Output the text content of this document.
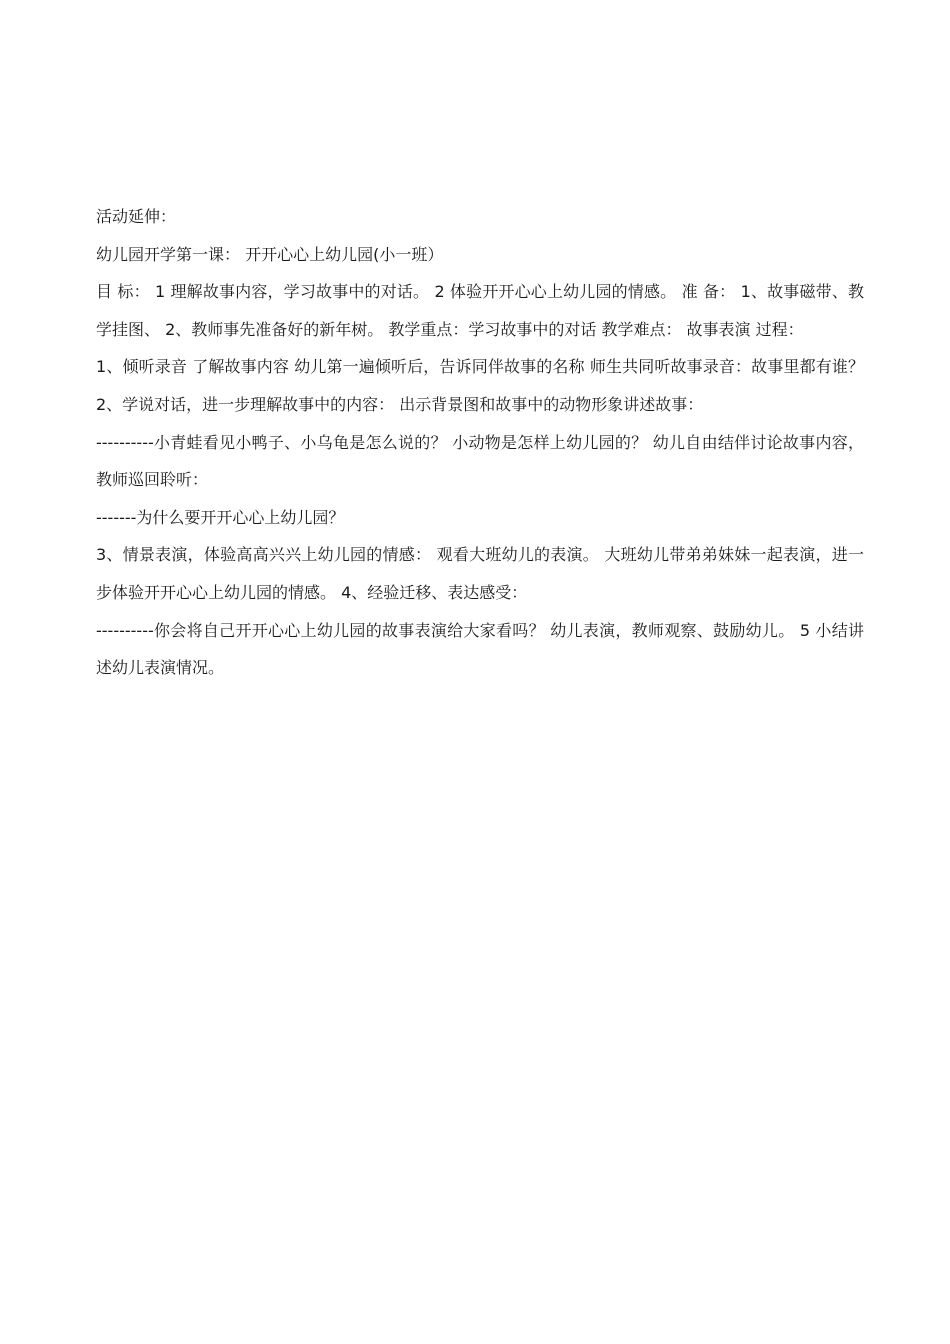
活动延伸：

幼儿园开学第一课： 开开心心上幼儿园(小一班）

目 标： 1 理解故事内容，学习故事中的对话。 2 体验开开心心上幼儿园的情感。 准 备： 1、故事磁带、教学挂图、 2、教师事先准备好的新年树。 教学重点：学习故事中的对话 教学难点： 故事表演 过程：

1、倾听录音 了解故事内容 幼儿第一遍倾听后，告诉同伴故事的名称 师生共同听故事录音：故事里都有谁？ 2、学说对话，进一步理解故事中的内容： 出示背景图和故事中的动物形象讲述故事：

----------小青蛙看见小鸭子、小乌龟是怎么说的？ 小动物是怎样上幼儿园的？ 幼儿自由结伴讨论故事内容，教师巡回聆听：

-------为什么要开开心心上幼儿园？

3、情景表演，体验高高兴兴上幼儿园的情感： 观看大班幼儿的表演。 大班幼儿带弟弟妹妹一起表演，进一步体验开开心心上幼儿园的情感。 4、经验迁移、表达感受：

----------你会将自己开开心心上幼儿园的故事表演给大家看吗？ 幼儿表演，教师观察、鼓励幼儿。 5 小结讲述幼儿表演情况。
